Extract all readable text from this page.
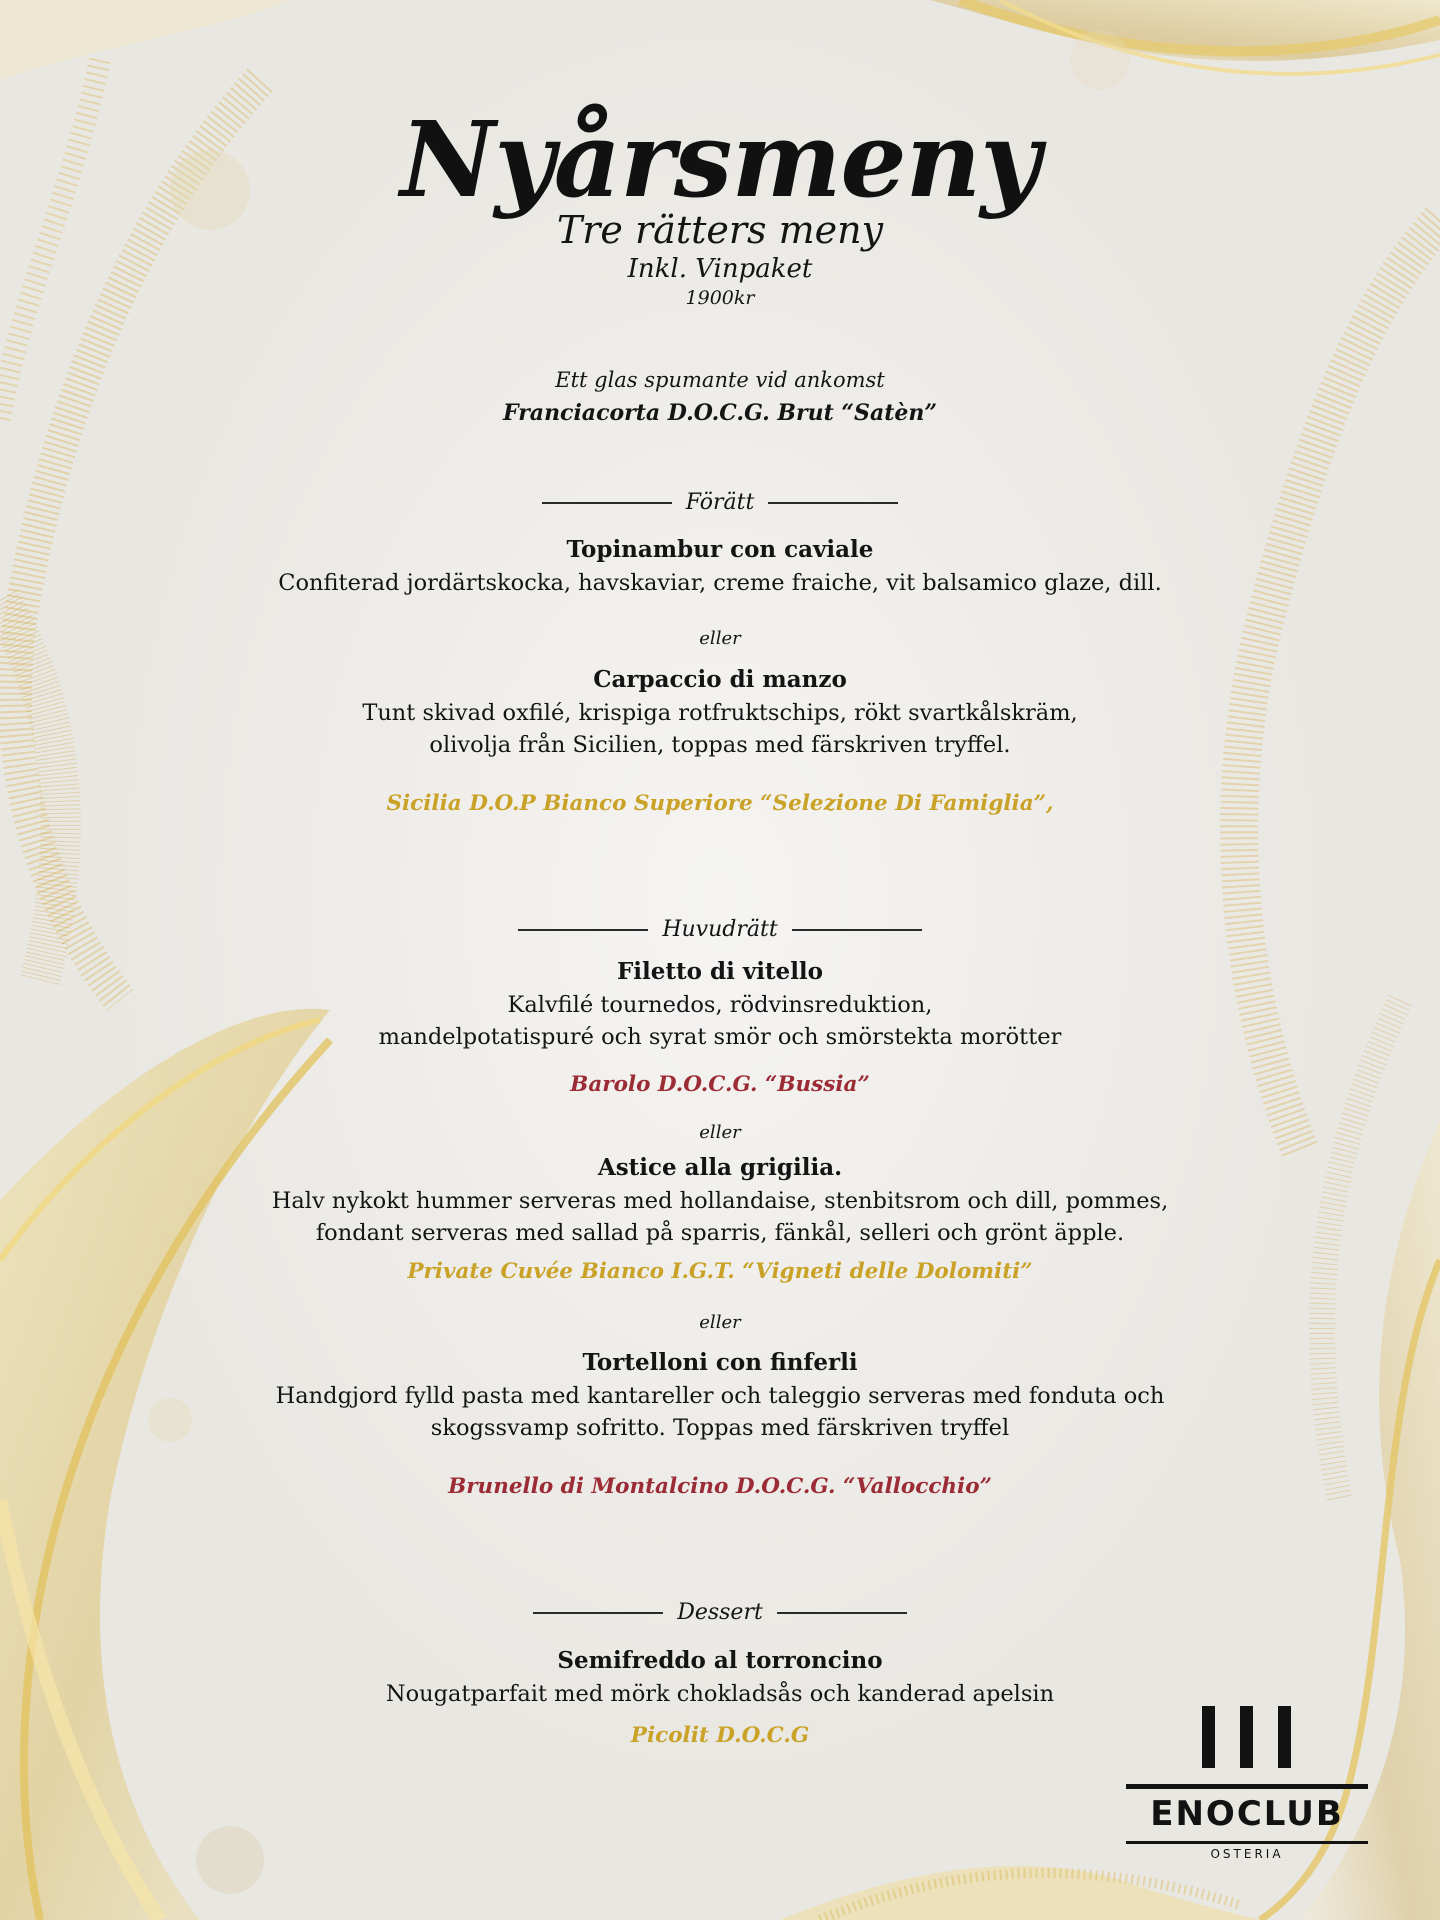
Nyårsmeny
Tre rätters meny
Inkl. Vinpaket
1900kr
Ett glas spumante vid ankomst
Franciacorta D.O.C.G. Brut “Satèn”
Förätt
Topinambur con caviale
Confiterad jordärtskocka, havskaviar, creme fraiche, vit balsamico glaze, dill.
eller
Carpaccio di manzo
Tunt skivad oxfilé, krispiga rotfruktschips, rökt svartkålskräm,
olivolja från Sicilien, toppas med färskriven tryffel.
Sicilia D.O.P Bianco Superiore “Selezione Di Famiglia”,
Huvudrätt
Filetto di vitello
Kalvfilé tournedos, rödvinsreduktion,
mandelpotatispuré och syrat smör och smörstekta morötter
Barolo D.O.C.G. “Bussia”
eller
Astice alla grigilia.
Halv nykokt hummer serveras med hollandaise, stenbitsrom och dill, pommes,
fondant serveras med sallad på sparris, fänkål, selleri och grönt äpple.
Private Cuvée Bianco I.G.T. “Vigneti delle Dolomiti”
eller
Tortelloni con finferli
Handgjord fylld pasta med kantareller och taleggio serveras med fonduta och
skogssvamp sofritto. Toppas med färskriven tryffel
Brunello di Montalcino D.O.C.G. “Vallocchio”
Dessert
Semifreddo al torroncino
Nougatparfait med mörk chokladsås och kanderad apelsin
Picolit D.O.C.G
ENOCLUB
OSTERIA
